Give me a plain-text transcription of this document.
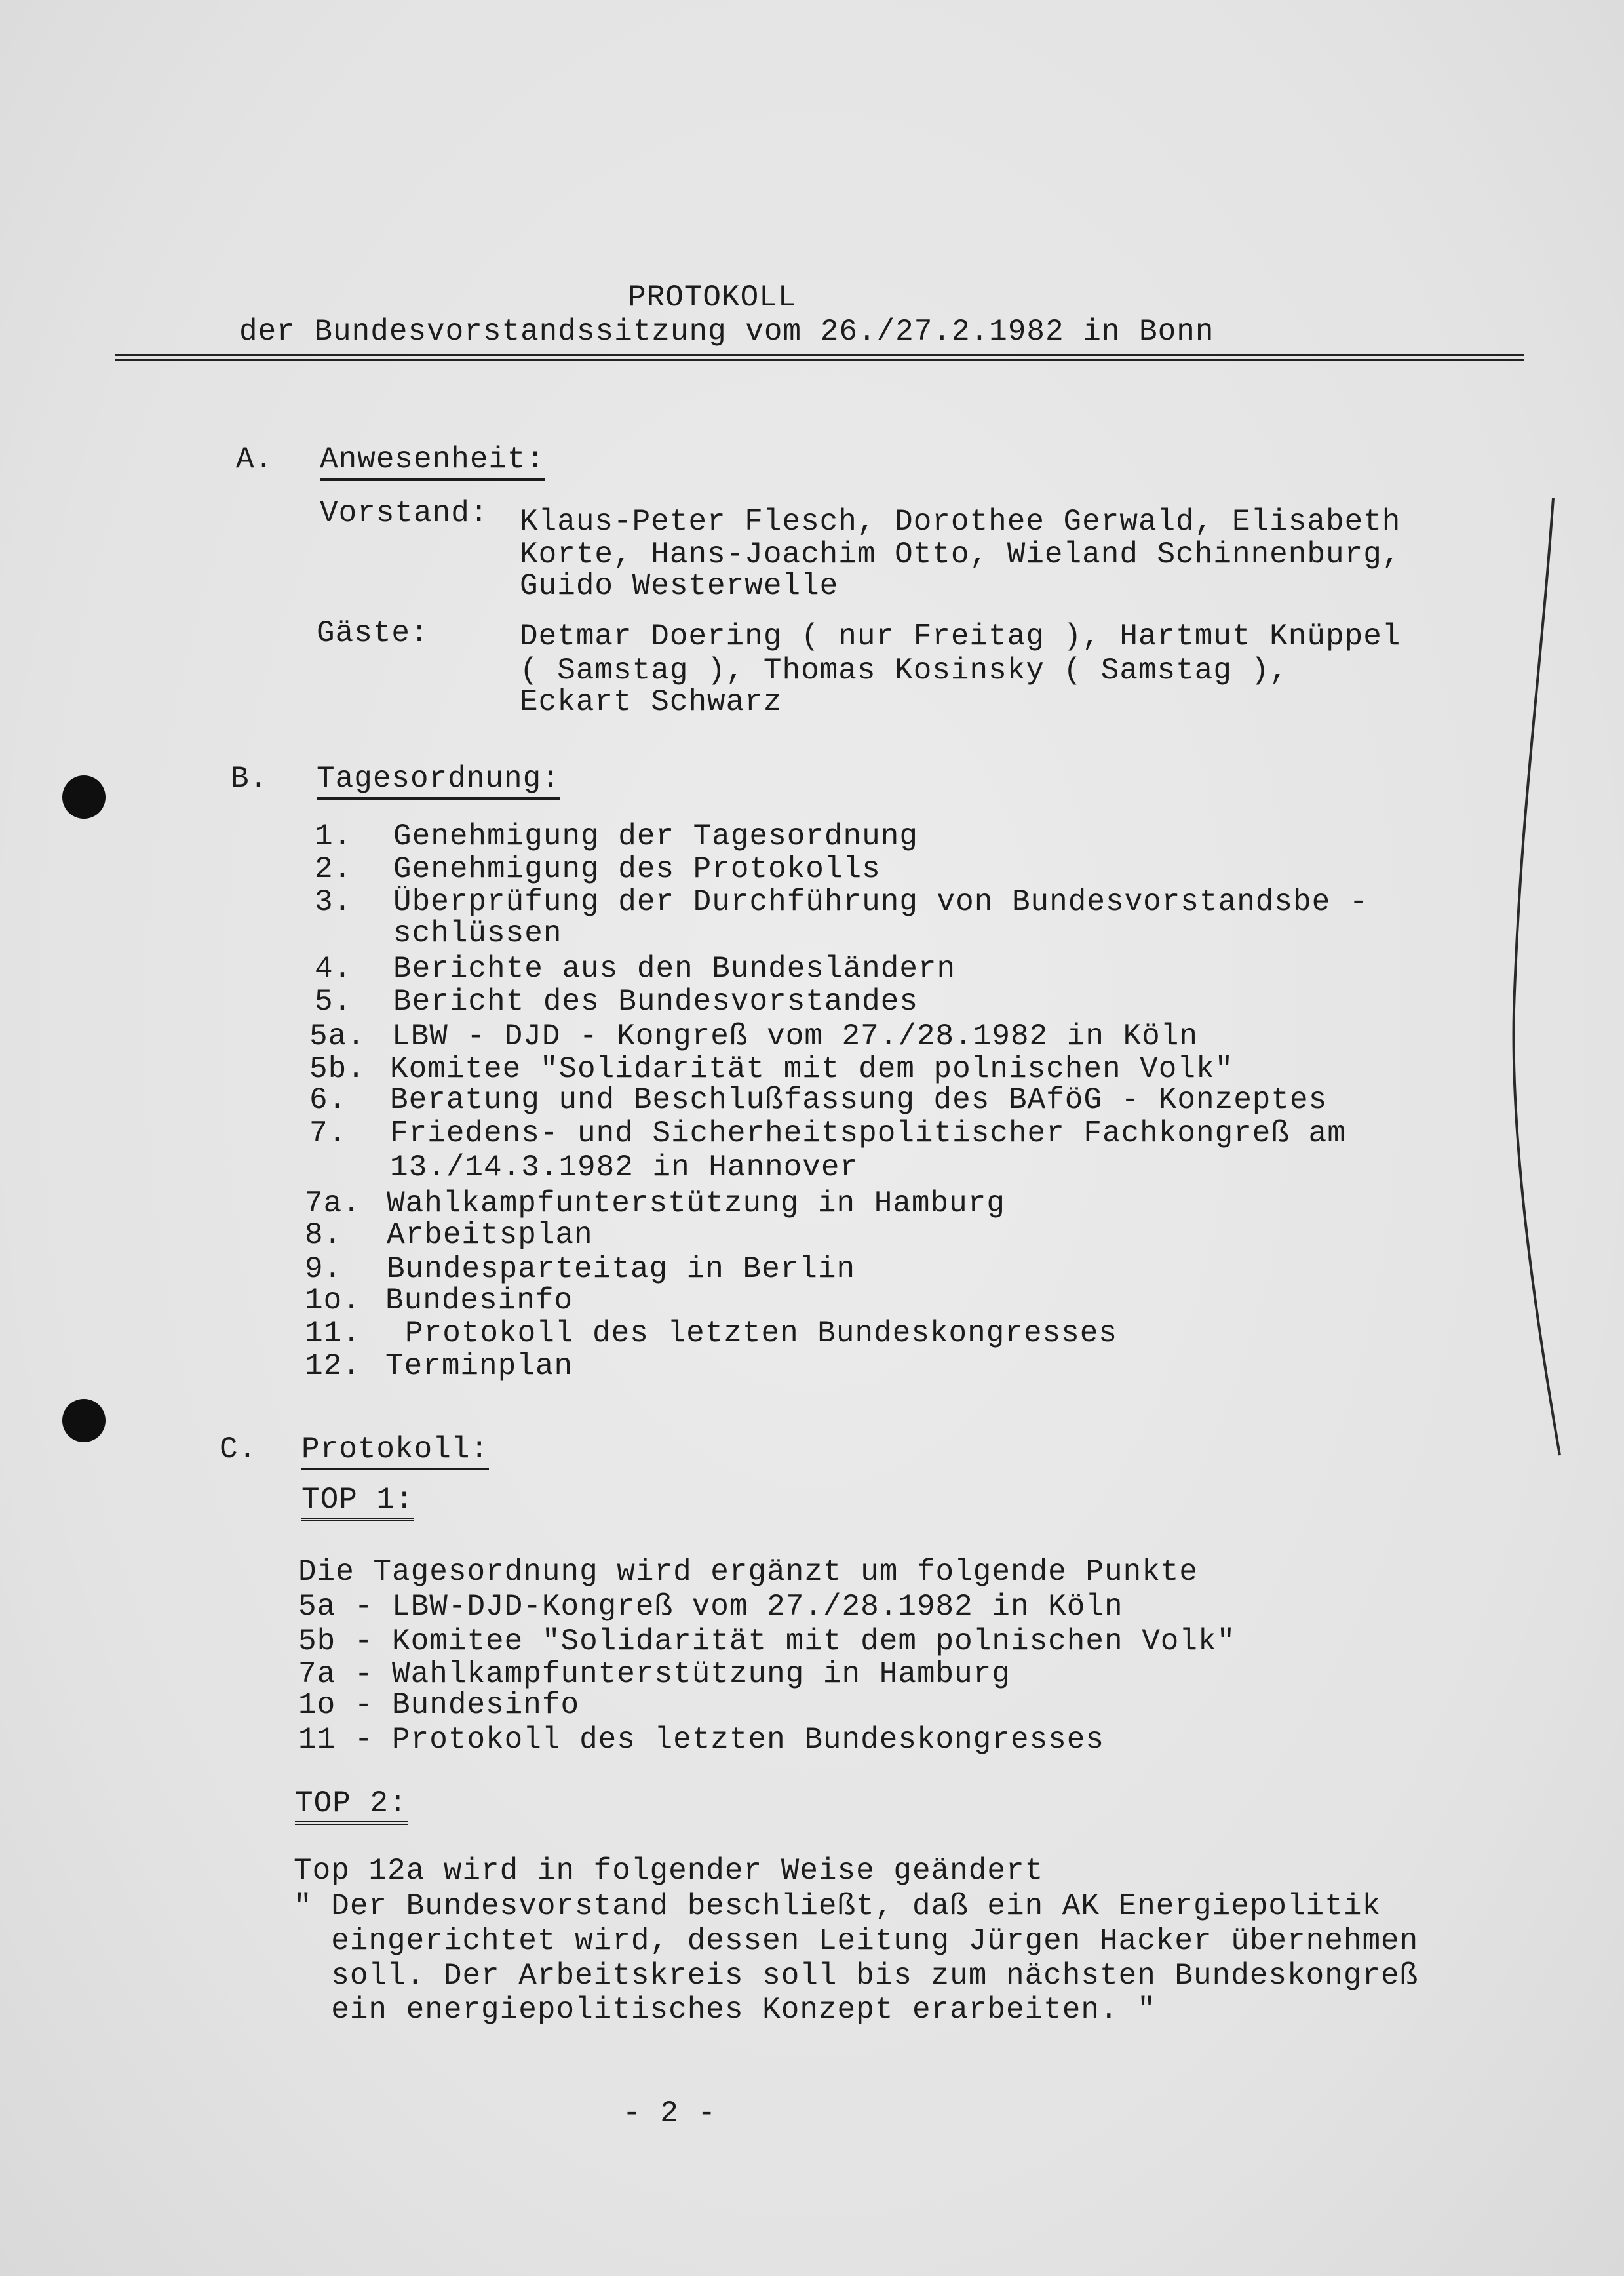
PROTOKOLL
der Bundesvorstandssitzung vom 26./27.2.1982 in Bonn
A. Anwesenheit:
Vorstand: Klaus-Peter Flesch, Dorothee Gerwald, Elisabeth
Korte, Hans-Joachim Otto, Wieland Schinnenburg,
Guido Westerwelle
Gäste:	Detmar Doering ( nur Freitag ), Hartmut Knüppel
( Samstag ), Thomas Kosinsky ( Samstag ),
Eckart Schwarz
B. Tagesordnung:
1. Genehmigung der Tagesordnung
2. Genehmigung des Protokolls
3. Überprüfung der Durchführung von Bundesvorstandsbe -
schlüssen
4. Berichte aus den Bundesländern
5. Bericht des Bundesvorstandes
5a. LBW - DJD - Kongreß vom 27./28.1982 in Köln
5b. Komitee "Solidarität mit dem polnischen Volk"
6. Beratung und Beschlußfassung des BAföG - Konzeptes
7. Friedens- und Sicherheitspolitischer Fachkongreß am
13./14.3.1982 in Hannover
7a. Wahlkampfunterstützung in Hamburg
8. Arbeitsplan
9. Bundesparteitag in Berlin
1o. Bundesinfo
11. Protokoll des letzten Bundeskongresses
12. Terminplan
C. Protokoll:
TOP 1:
Die Tagesordnung wird ergänzt um folgende Punkte
5a - LBW-DJD-Kongreß vom 27./28.1982 in Köln
5b - Komitee "Solidarität mit dem polnischen Volk"
7a - Wahlkampfunterstützung in Hamburg
1o - Bundesinfo
11 - Protokoll des letzten Bundeskongresses
TOP 2:
Top 12a wird in folgender Weise geändert
" Der Bundesvorstand beschließt, daß ein AK Energiepolitik
eingerichtet wird, dessen Leitung Jürgen Hacker übernehmen
soll. Der Arbeitskreis soll bis zum nächsten Bundeskongreß
ein energiepolitisches Konzept erarbeiten. "
- 2 -
